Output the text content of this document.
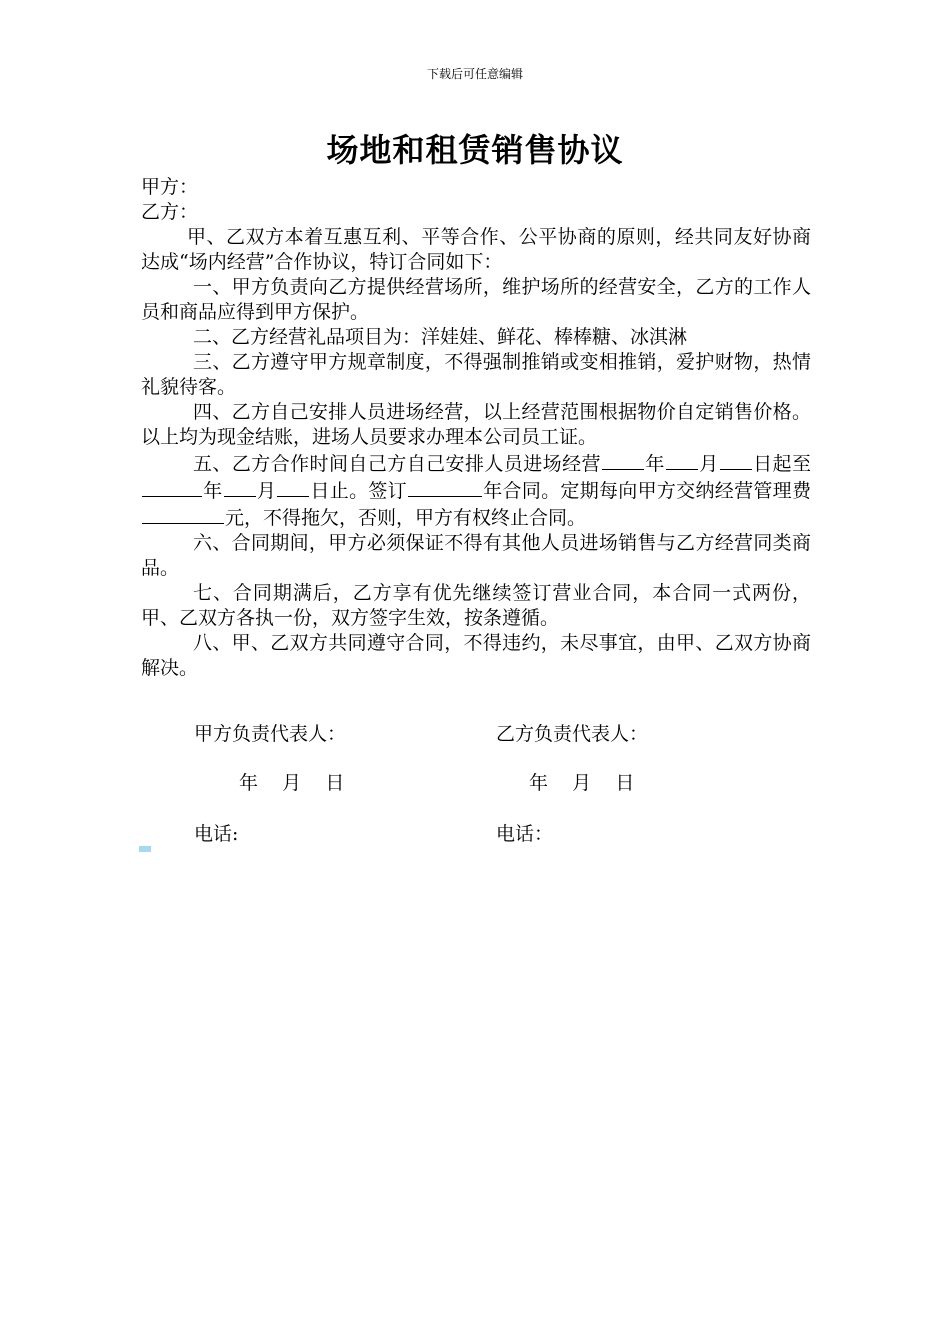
下载后可任意编辑
场地和租赁销售协议

甲方：

乙方：

甲、乙双方本着互惠互利、平等合作、公平协商的原则，经共同友好协商达成“场内经营”合作协议，特订合同如下：

一、甲方负责向乙方提供经营场所，维护场所的经营安全，乙方的工作人员和商品应得到甲方保护。

二、乙方经营礼品项目为：洋娃娃、鲜花、棒棒糖、冰淇淋

三、乙方遵守甲方规章制度，不得强制推销或变相推销，爱护财物，热情礼貌待客。

四、乙方自己安排人员进场经营，以上经营范围根据物价自定销售价格。以上均为现金结账，进场人员要求办理本公司员工证。

五、乙方合作时间自己方自己安排人员进场经营 年 月 日起至年 月 日止。签订	年合同。定期每向甲方交纳经营管理费元，不得拖欠，否则，甲方有权终止合同。

六、合同期间，甲方必须保证不得有其他人员进场销售与乙方经营同类商品。

七、合同期满后，乙方享有优先继续签订营业合同，本合同一式两份，甲、乙双方各执一份，双方签字生效，按条遵循。

八、甲、乙双方共同遵守合同，不得违约，未尽事宜，由甲、乙双方协商解决。

甲方负责代表人：	乙方负责代表人：
年    月    日	年    月    日
电话:	电话：
